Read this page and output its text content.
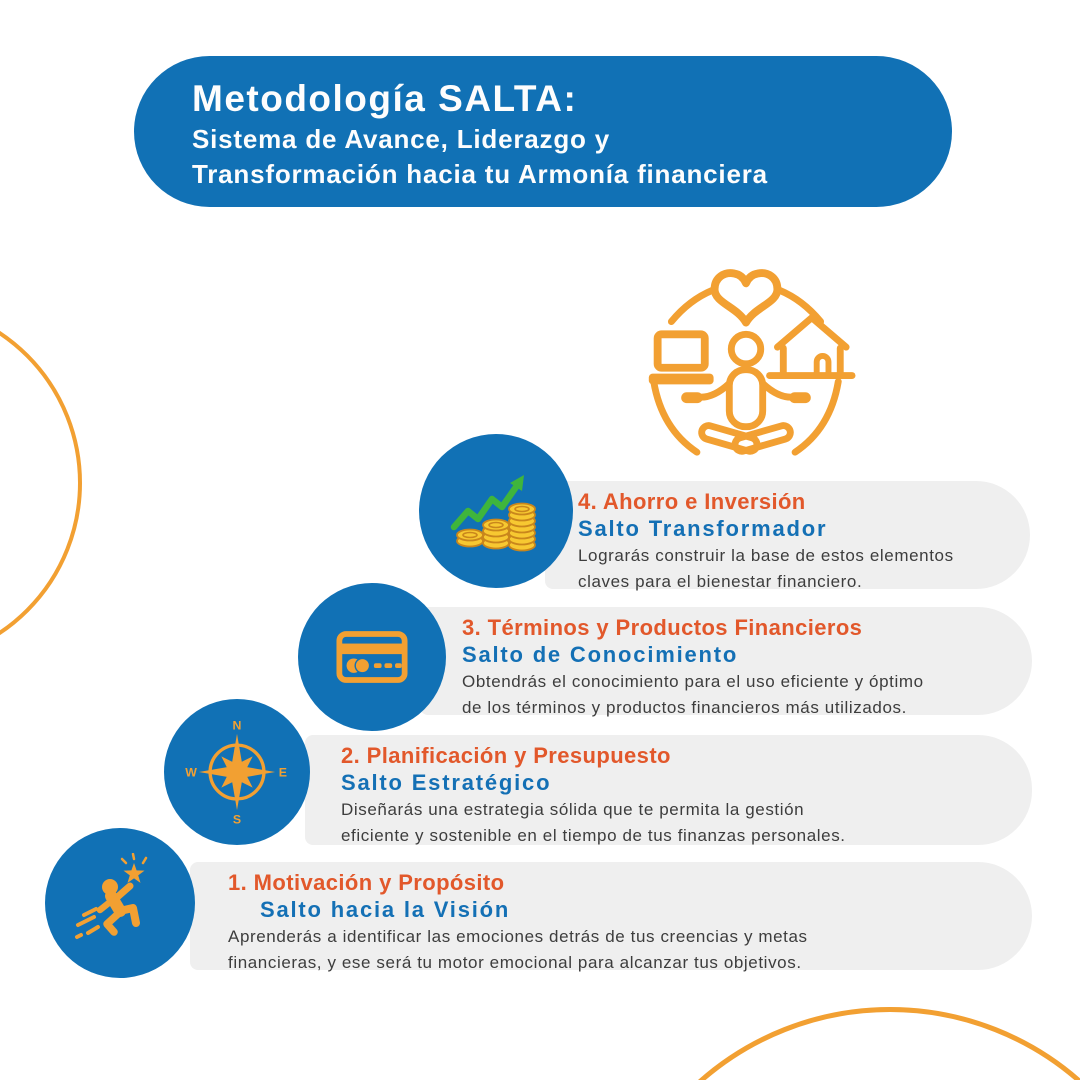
Metodología SALTA:
Sistema de Avance, Liderazgo y
Transformación hacia tu Armonía financiera
4. Ahorro e Inversión
Salto Transformador
Lograrás construir la base de estos elementos
claves para el bienestar financiero.
3. Términos y Productos Financieros
Salto de Conocimiento
Obtendrás el conocimiento para el uso eficiente y óptimo
de los términos y productos financieros más utilizados.
2. Planificación y Presupuesto
Salto Estratégico
Diseñarás una estrategia sólida que te permita la gestión
eficiente y sostenible en el tiempo de tus finanzas personales.
N
E
S
W
1. Motivación y Propósito
Salto hacia la Visión
Aprenderás a identificar las emociones detrás de tus creencias y metas
financieras, y ese será tu motor emocional para alcanzar tus objetivos.
